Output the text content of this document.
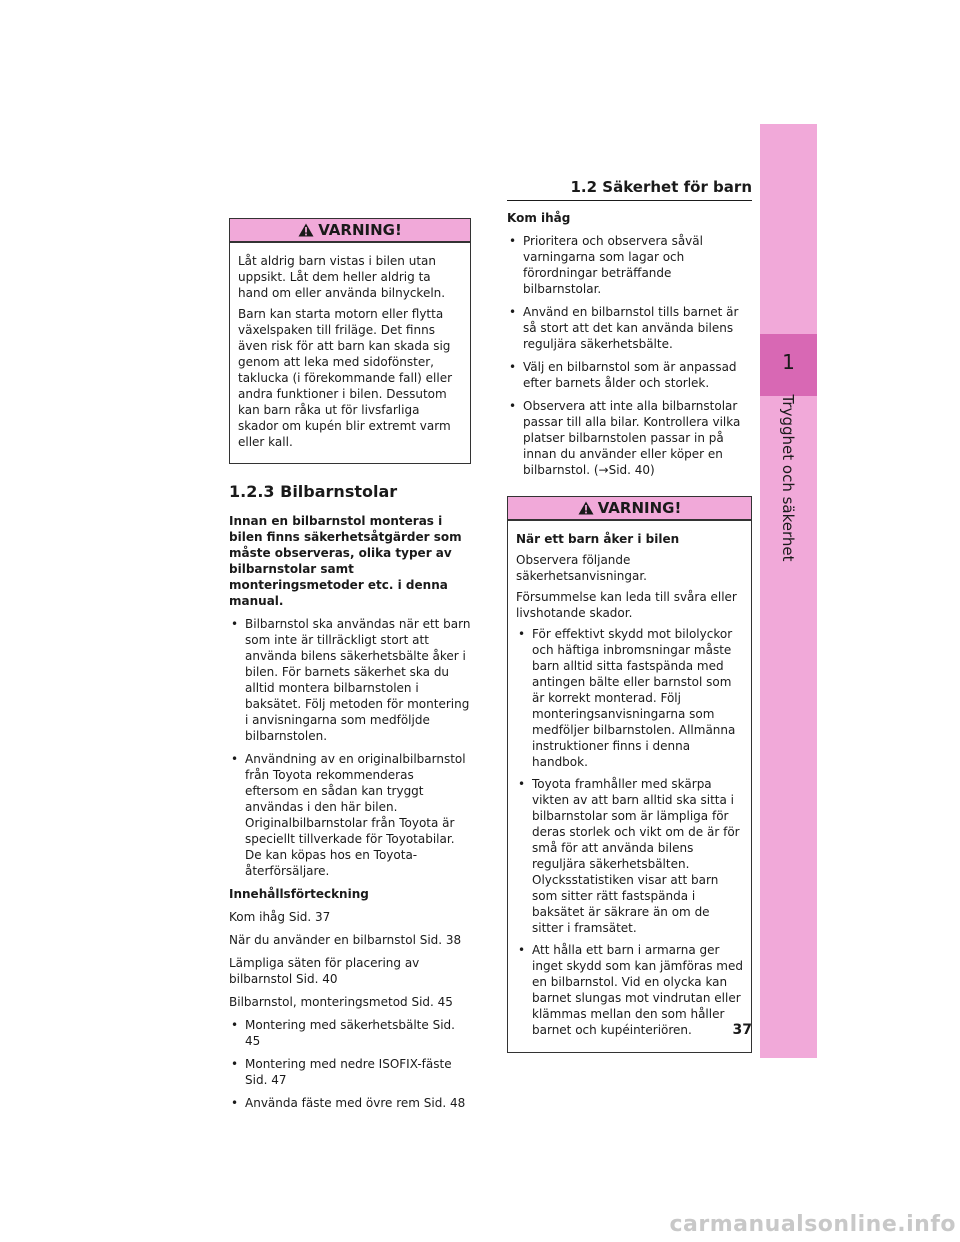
1.2 Säkerhet för barn
1
Trygghet och säkerhet
VARNING!

Låt aldrig barn vistas i bilen utan uppsikt. Låt dem heller aldrig ta hand om eller använda bilnyckeln.

Barn kan starta motorn eller flytta växelspaken till friläge. Det finns även risk för att barn kan skada sig genom att leka med sidofönster, taklucka (i förekommande fall) eller andra funktioner i bilen. Dessutom kan barn råka ut för livsfarliga skador om kupén blir extremt varm eller kall.

1.2.3 Bilbarnstolar

Innan en bilbarnstol monteras i bilen finns säkerhetsåtgärder som måste observeras, olika typer av bilbarnstolar samt monteringsmetoder etc. i denna manual.

• Bilbarnstol ska användas när ett barn som inte är tillräckligt stort att använda bilens säkerhetsbälte åker i bilen. För barnets säkerhet ska du alltid montera bilbarnstolen i baksätet. Följ metoden för montering i anvisningarna som medföljde bilbarnstolen.
• Användning av en originalbilbarnstol från Toyota rekommenderas eftersom en sådan kan tryggt användas i den här bilen. Originalbilbarnstolar från Toyota är speciellt tillverkade för Toyotabilar. De kan köpas hos en Toyota-återförsäljare.

Innehållsförteckning

Kom ihåg Sid. 37

När du använder en bilbarnstol Sid. 38

Lämpliga säten för placering av bilbarnstol Sid. 40

Bilbarnstol, monteringsmetod Sid. 45

• Montering med säkerhetsbälte Sid. 45
• Montering med nedre ISOFIX-fäste Sid. 47
• Använda fäste med övre rem Sid. 48

Kom ihåg

• Prioritera och observera såväl varningarna som lagar och förordningar beträffande bilbarnstolar.
• Använd en bilbarnstol tills barnet är så stort att det kan använda bilens reguljära säkerhetsbälte.
• Välj en bilbarnstol som är anpassad efter barnets ålder och storlek.
• Observera att inte alla bilbarnstolar passar till alla bilar. Kontrollera vilka platser bilbarnstolen passar in på innan du använder eller köper en bilbarnstol. (→Sid. 40)
VARNING!

När ett barn åker i bilen

Observera följande säkerhetsanvisningar.

Försummelse kan leda till svåra eller livshotande skador.

• För effektivt skydd mot bilolyckor och häftiga inbromsningar måste barn alltid sitta fastspända med antingen bälte eller barnstol som är korrekt monterad. Följ monteringsanvisningarna som medföljer bilbarnstolen. Allmänna instruktioner finns i denna handbok.
• Toyota framhåller med skärpa vikten av att barn alltid ska sitta i bilbarnstolar som är lämpliga för deras storlek och vikt om de är för små för att använda bilens reguljära säkerhetsbälten. Olycksstatistiken visar att barn som sitter rätt fastspända i baksätet är säkrare än om de sitter i framsätet.
• Att hålla ett barn i armarna ger inget skydd som kan jämföras med en bilbarnstol. Vid en olycka kan barnet slungas mot vindrutan eller klämmas mellan den som håller barnet och kupéinteriören.	37
carmanualsonline.info
